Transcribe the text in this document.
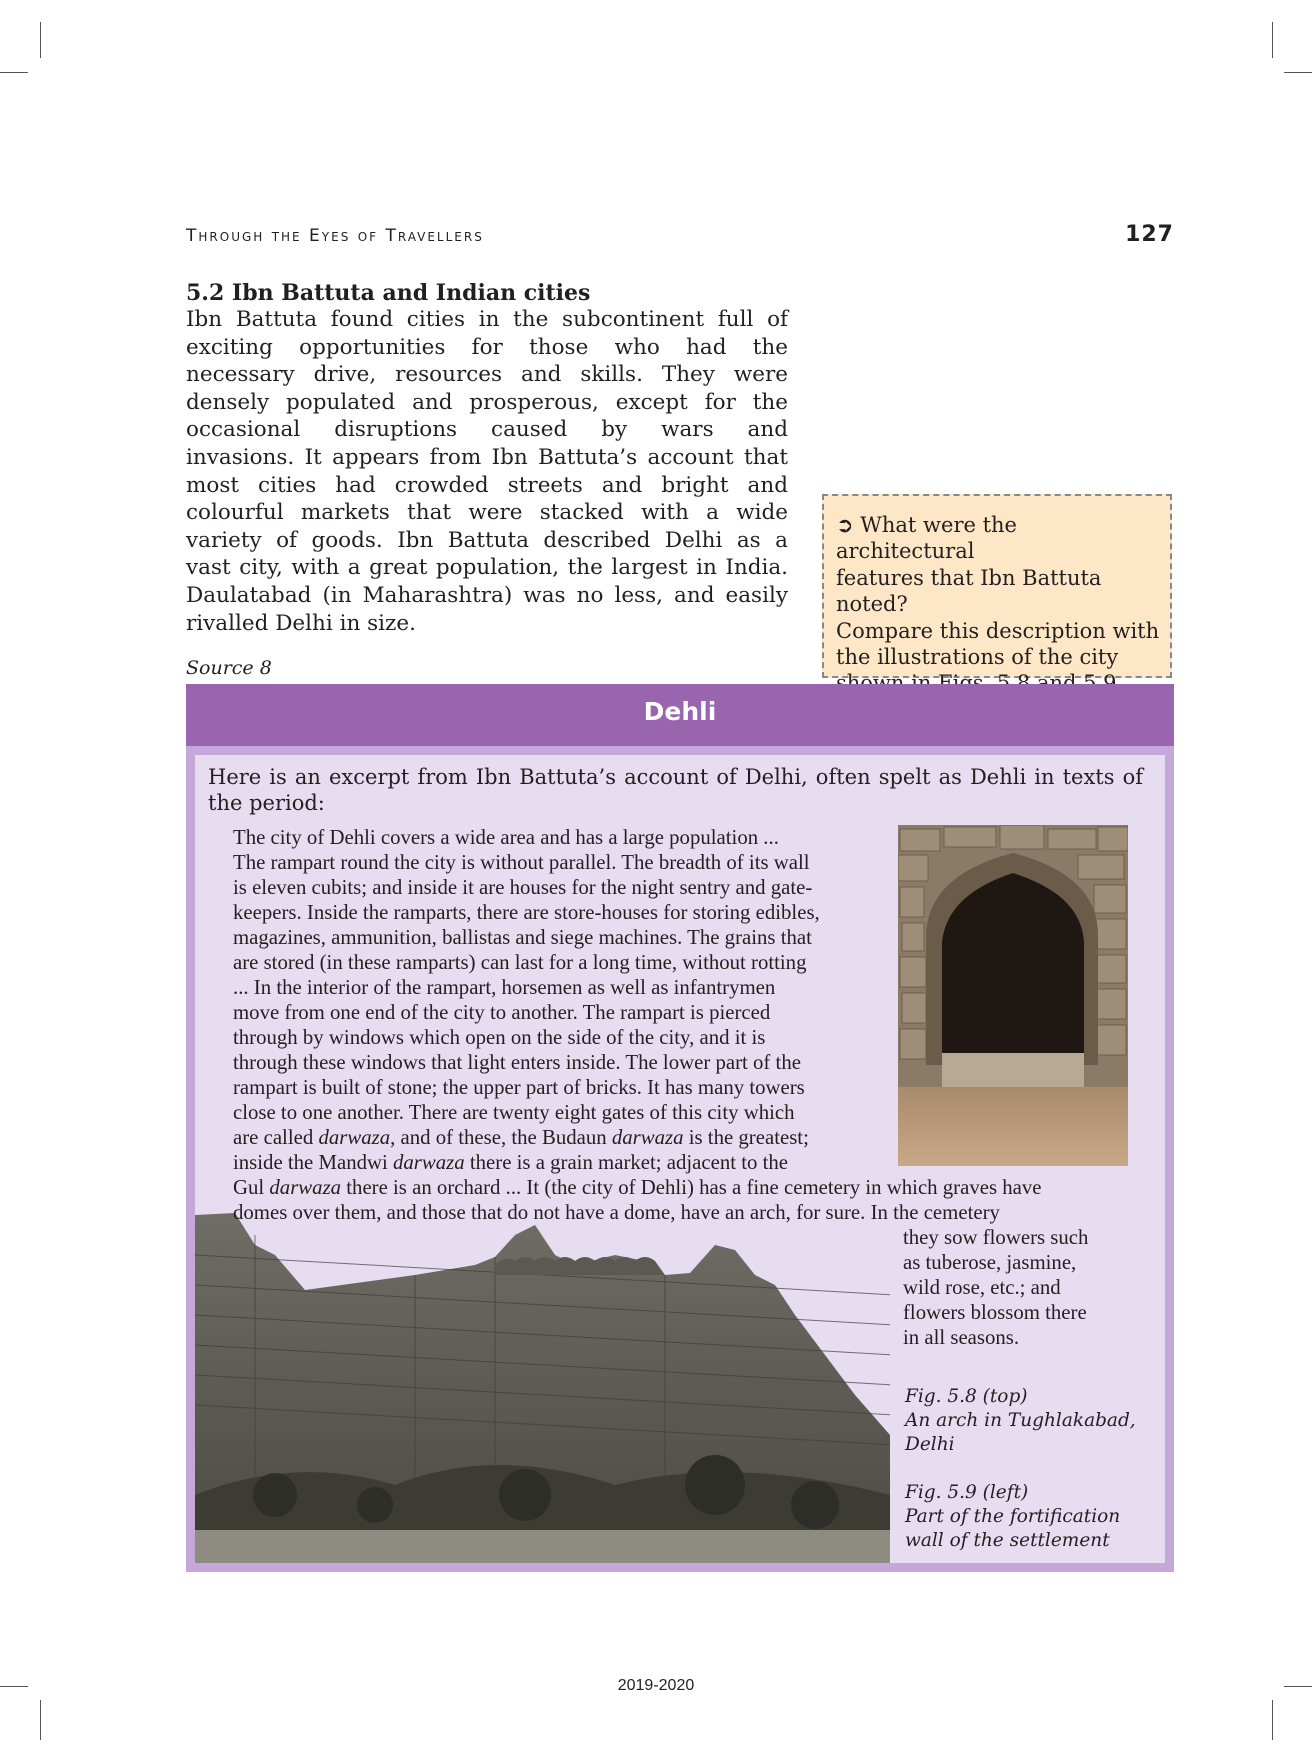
Through the Eyes of Travellers	127
5.2 Ibn Battuta and Indian cities
Ibn Battuta found cities in the subcontinent full of
exciting opportunities for those who had the
necessary drive, resources and skills. They were
densely populated and prosperous, except for the
occasional disruptions caused by wars and
invasions. It appears from Ibn Battuta’s account that
most cities had crowded streets and bright and
colourful markets that were stacked with a wide
variety of goods. Ibn Battuta described Delhi as a
vast city, with a great population, the largest in India.
Daulatabad (in Maharashtra) was no less, and easily
rivalled Delhi in size.
➲ What were the architectural
features that Ibn Battuta
noted?
Compare this description with
the illustrations of the city
Source 8
Dehli
Here is an excerpt from Ibn Battuta’s account of Delhi, often spelt as Dehli in texts of the period:
The city of Dehli covers a wide area and has a large population ...
The rampart round the city is without parallel. The breadth of its wall
is eleven cubits; and inside it are houses for the night sentry and gate-
keepers. Inside the ramparts, there are store-houses for storing edibles,
magazines, ammunition, ballistas and siege machines. The grains that
are stored (in these ramparts) can last for a long time, without rotting
... In the interior of the rampart, horsemen as well as infantrymen
move from one end of the city to another. The rampart is pierced
through by windows which open on the side of the city, and it is
through these windows that light enters inside. The lower part of the
rampart is built of stone; the upper part of bricks. It has many towers
close to one another. There are twenty eight gates of this city which
are called darwaza, and of these, the Budaun darwaza is the greatest;
inside the Mandwi darwaza there is a grain market; adjacent to the
Gul darwaza there is an orchard ... It (the city of Dehli) has a fine cemetery in which graves have
domes over them, and those that do not have a dome, have an arch, for sure. In the cemetery
they sow flowers such
as tuberose, jasmine,
wild rose, etc.; and
flowers blossom there
in all seasons.
Fig. 5.8 (top)
An arch in Tughlakabad,
Delhi
Fig. 5.9 (left)
Part of the fortification
wall of the settlement
2019-2020
